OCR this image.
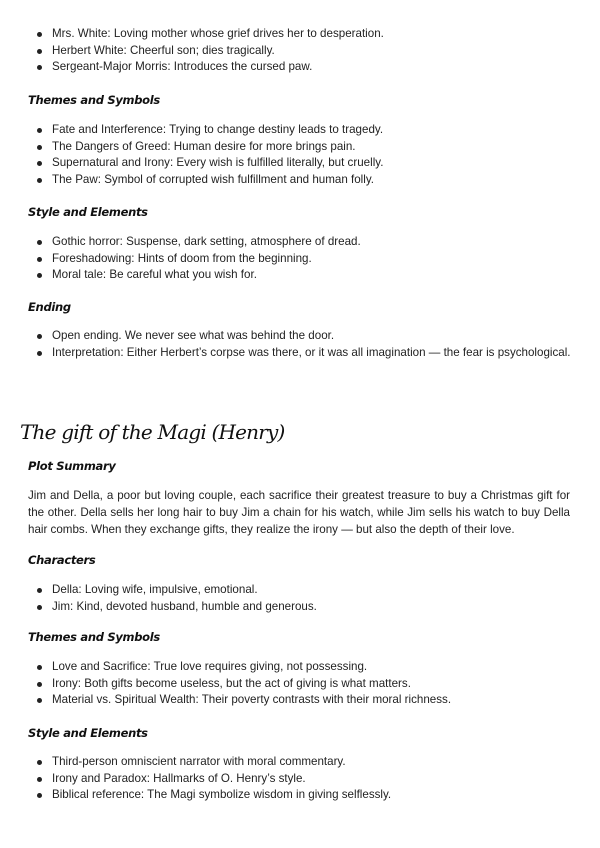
Mrs. White: Loving mother whose grief drives her to desperation.
Herbert White: Cheerful son; dies tragically.
Sergeant-Major Morris: Introduces the cursed paw.
Themes and Symbols
Fate and Interference: Trying to change destiny leads to tragedy.
The Dangers of Greed: Human desire for more brings pain.
Supernatural and Irony: Every wish is fulfilled literally, but cruelly.
The Paw: Symbol of corrupted wish fulfillment and human folly.
Style and Elements
Gothic horror: Suspense, dark setting, atmosphere of dread.
Foreshadowing: Hints of doom from the beginning.
Moral tale: Be careful what you wish for.
Ending
Open ending. We never see what was behind the door.
Interpretation: Either Herbert’s corpse was there, or it was all imagination — the fear is psychological.
The gift of the Magi (Henry)
Plot Summary

Jim and Della, a poor but loving couple, each sacrifice their greatest treasure to buy a Christmas gift for the other. Della sells her long hair to buy Jim a chain for his watch, while Jim sells his watch to buy Della hair combs. When they exchange gifts, they realize the irony — but also the depth of their love.

Characters
Della: Loving wife, impulsive, emotional.
Jim: Kind, devoted husband, humble and generous.
Themes and Symbols
Love and Sacrifice: True love requires giving, not possessing.
Irony: Both gifts become useless, but the act of giving is what matters.
Material vs. Spiritual Wealth: Their poverty contrasts with their moral richness.
Style and Elements
Third-person omniscient narrator with moral commentary.
Irony and Paradox: Hallmarks of O. Henry’s style.
Biblical reference: The Magi symbolize wisdom in giving selflessly.
